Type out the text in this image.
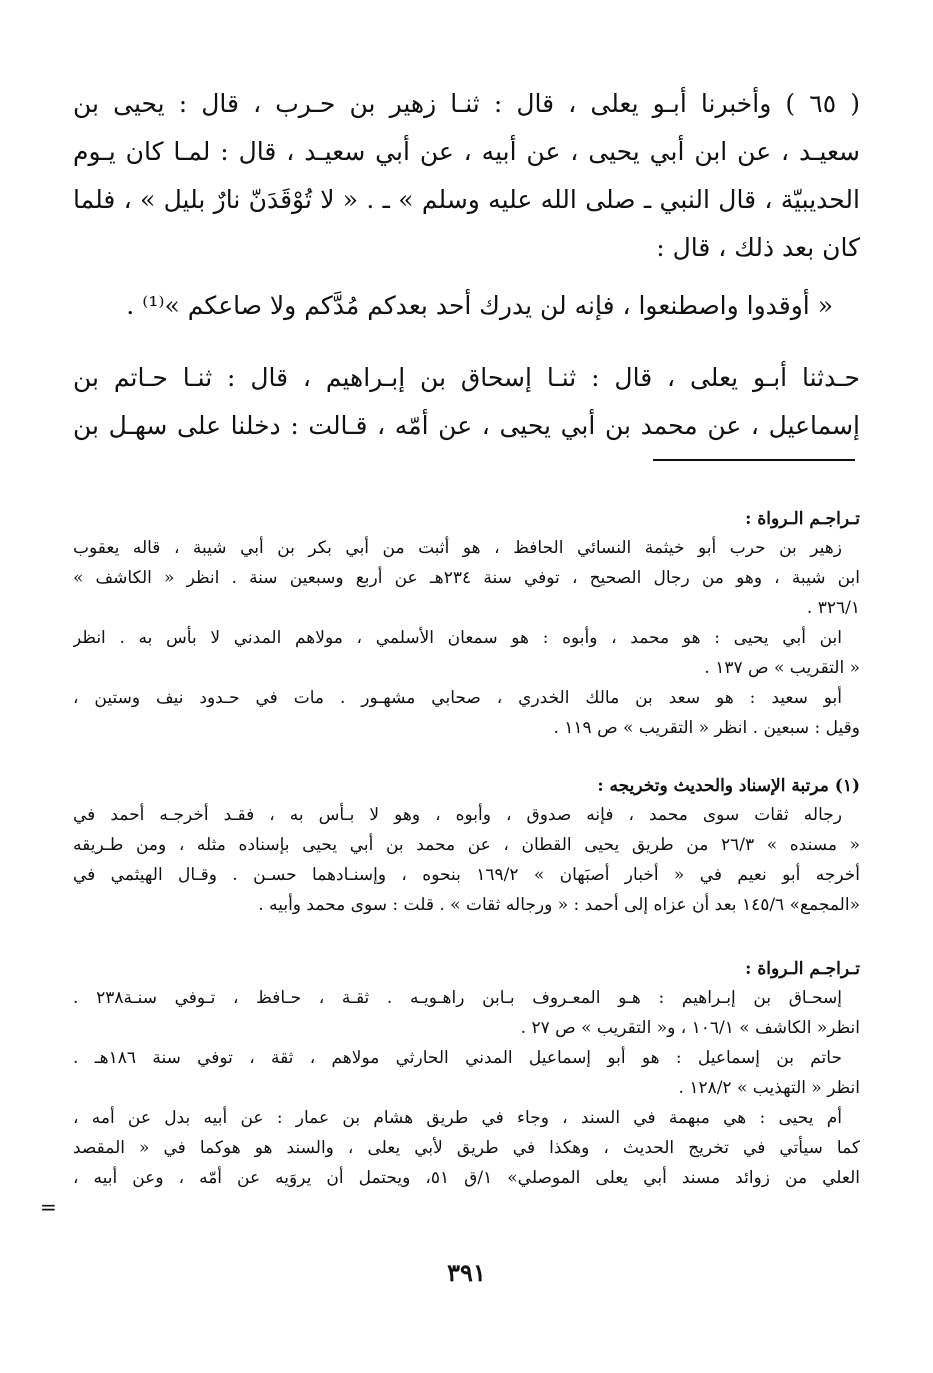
( ٦٥ ) وأخبرنا أبـو يعلى ، قال : ثنـا زهير بن حـرب ، قال : يحيى بن
سعيـد ، عن ابن أبي يحيى ، عن أبيه ، عن أبي سعيـد ، قال : لمـا كان يـوم
الحديبيّة ، قال النبي ـ صلى الله عليه وسلم » ـ . « لا تُوْقَدَنّ نارٌ بليل » ، فلما
كان بعد ذلك ، قال :
« أوقدوا واصطنعوا ، فإنه لن يدرك أحد بعدكم مُدَّكم ولا صاعكم »⁽¹⁾ .
حـدثنا أبـو يعلى ، قال : ثنـا إسحاق بن إبـراهيم ، قال : ثنـا حـاتم بن
إسماعيل ، عن محمد بن أبي يحيى ، عن أمّه ، قـالت : دخلنا على سهـل بن
تـراجـم الـرواة :
زهير بن حرب أبو خيثمة النسائي الحافظ ، هو أثبت من أبي بكر بن أبي شيبة ، قاله يعقوب
ابن شيبة ، وهو من رجال الصحيح ، توفي سنة ٢٣٤هـ عن أربع وسبعين سنة . انظر « الكاشف »
٣٢٦/١ .
ابن أبي يحيى : هو محمد ، وأبوه : هو سمعان الأسلمي ، مولاهم المدني لا بأس به . انظر
« التقريب » ص ١٣٧ .
أبو سعيد : هو سعد بن مالك الخدري ، صحابي مشهـور . مات في حـدود نيف وستين ،
وقيل : سبعين . انظر « التقريب » ص ١١٩ .
(١) مرتبة الإسناد والحديث وتخريجه :
رجاله ثقات سوى محمد ، فإنه صدوق ، وأبوه ، وهو لا بـأس به ، فقـد أخرجـه أحمد في
« مسنده » ٢٦/٣ من طريق يحيى القطان ، عن محمد بن أبي يحيى بإسناده مثله ، ومن طـريقه
أخرجه أبو نعيم في « أخبار أصبَهان » ١٦٩/٢ بنحوه ، وإسنـادهما حسـن . وقـال الهيثمي في
«المجمع» ١٤٥/٦ بعد أن عزاه إلى أحمد : « ورجاله ثقات » . قلت : سوى محمد وأبيه .
تـراجـم الـرواة :
إسحـاق بن إبـراهيم : هـو المعـروف بـابن راهـويـه . ثقـة ، حـافظ ، تـوفي سنـة٢٣٨ .
انظر« الكاشف » ١٠٦/١ ، و« التقريب » ص ٢٧ .
حاتم بن إسماعيل : هو أبو إسماعيل المدني الحارثي مولاهم ، ثقة ، توفي سنة ١٨٦هـ .
انظر « التهذيب » ١٢٨/٢ .
أم يحيى : هي مبهمة في السند ، وجاء في طريق هشام بن عمار : عن أبيه بدل عن أمه ،
كما سيأتي في تخريج الحديث ، وهكذا في طريق لأبي يعلى ، والسند هو هوكما في « المقصد
العلي من زوائد مسند أبي يعلى الموصلي» ١/ق ٥١، ويحتمل أن يروَيه عن أمّه ، وعن أبيه ،
=
٣٩١
